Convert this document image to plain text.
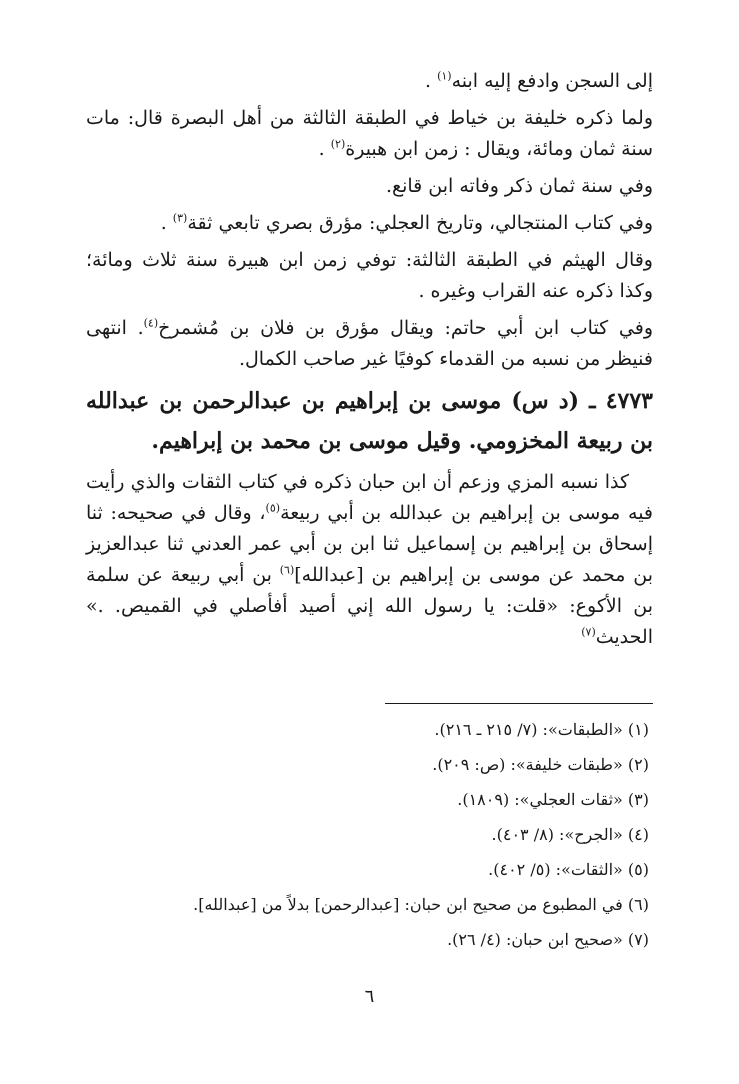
إلى السجن وادفع إليه ابنه$^{(١)}$ .

ولما ذكره خليفة بن خياط في الطبقة الثالثة من أهل البصرة قال: مات سنة ثمان ومائة، ويقال : زمن ابن هبيرة$^{(٢)}$ .

وفي سنة ثمان ذكر وفاته ابن قانع.

وفي كتاب المنتجالي، وتاريخ العجلي: مؤرق بصري تابعي ثقة$^{(٣)}$ .

وقال الهيثم في الطبقة الثالثة: توفي زمن ابن هبيرة سنة ثلاث ومائة؛ وكذا ذكره عنه القراب وغيره .

وفي كتاب ابن أبي حاتم: ويقال مؤرق بن فلان بن مُشمرخ$^{(٤)}$. انتهى فنيظر من نسبه من القدماء كوفيًا غير صاحب الكمال.

٤٧٧٣ ـ (د س) موسى بن إبراهيم بن عبدالرحمن بن عبدالله بن ربيعة المخزومي. وقيل موسى بن محمد بن إبراهيم.

كذا نسبه المزي وزعم أن ابن حبان ذكره في كتاب الثقات والذي رأيت فيه موسى بن إبراهيم بن عبدالله بن أبي ربيعة$^{(٥)}$، وقال في صحيحه: ثنا إسحاق بن إبراهيم بن إسماعيل ثنا ابن بن أبي عمر العدني ثنا عبدالعزيز بن محمد عن موسى بن إبراهيم بن [عبدالله]$^{(٦)}$ بن أبي ربيعة عن سلمة بن الأكوع: «قلت: يا رسول الله إني أصيد أفأصلي في القميص. .» الحديث$^{(٧)}$

(١) «الطبقات»: (٧/ ٢١٥ ـ ٢١٦).
(٢) «طبقات خليفة»: (ص: ٢٠٩).
(٣) «ثقات العجلي»: (١٨٠٩).
(٤) «الجرح»: (٨/ ٤٠٣).
(٥) «الثقات»: (٥/ ٤٠٢).
(٦) في المطبوع من صحيح ابن حبان: [عبدالرحمن] بدلاً من [عبدالله].
(٧) «صحيح ابن حبان: (٤/ ٢٦).
٦
